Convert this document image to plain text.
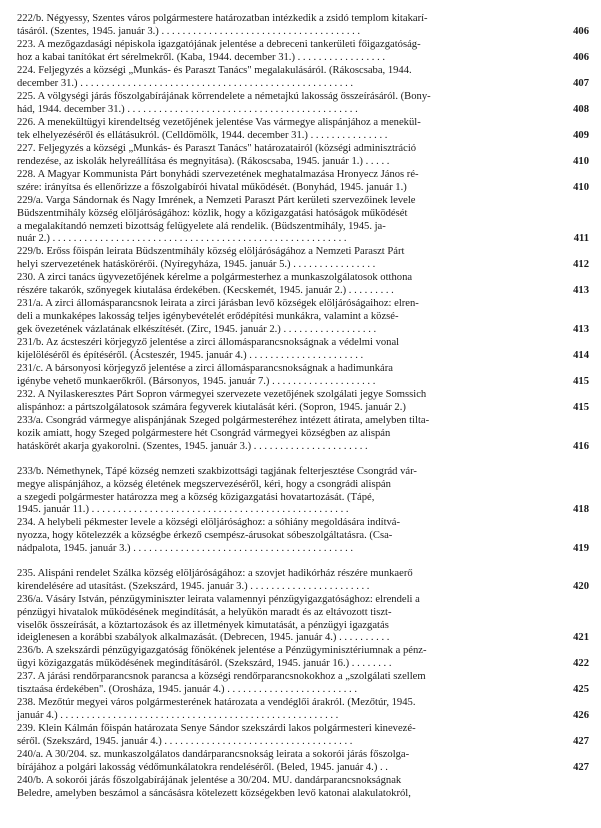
222/b. Négyessy, Szentes város polgármestere határozatban intézkedik a zsidó templom kitakarí-
tásáról. (Szentes, 1945. január 3.) . . . . . . . . . . . . . . . . . . . . . . . . . . . . . . . . . . . . . .	406
223. A mezőgazdasági népiskola igazgatójának jelentése a debreceni tankerületi főigazgatóság-
hoz a kabai tanítókat ért sérelmekről. (Kaba, 1944. december 31.) . . . . . . . . . . . . . . . . .	406
224. Feljegyzés a községi „Munkás- és Paraszt Tanács" megalakulásáról. (Rákoscsaba, 1944.
december 31.) . . . . . . . . . . . . . . . . . . . . . . . . . . . . . . . . . . . . . . . . . . . . . . . . . . . .	407
225. A völgységi járás főszolgabírájának körrendelete a németajkú lakosság összeírásáról. (Bony-
hád, 1944. december 31.) . . . . . . . . . . . . . . . . . . . . . . . . . . . . . . . . . . . . . . . . . . . .	408
226. A menekültügyi kirendeltség vezetőjének jelentése Vas vármegye alispánjához a menekül-
tek elhelyezéséről és ellátásukról. (Celldömölk, 1944. december 31.) . . . . . . . . . . . . . . .	409
227. Feljegyzés a községi „Munkás- és Paraszt Tanács" határozatairól (községi adminisztráció
rendezése, az iskolák helyreállítása és megnyitása). (Rákoscsaba, 1945. január 1.) . . . . .	410
228. A Magyar Kommunista Párt bonyhádi szervezetének meghatalmazása Hronyecz János ré-
szére: irányítsa és ellenőrizze a főszolgabírói hivatal működését. (Bonyhád, 1945. január 1.)	410
229/a. Varga Sándornak és Nagy Imrének, a Nemzeti Paraszt Párt kerületi szervezőinek levele
Büdszentmihály község elöljáróságához: közlik, hogy a kőzigazgatási hatóságok működését
a megalakítandó nemzeti bizottság felügyelete alá rendelik. (Büdszentmihály, 1945. ja-
nuár 2.) . . . . . . . . . . . . . . . . . . . . . . . . . . . . . . . . . . . . . . . . . . . . . . . . . . . . . . . .	411
229/b. Erőss főispán leirata Büdszentmihály község elöljáróságához a Nemzeti Paraszt Párt
helyi szervezetének hatáskörérői. (Nyíregyháza, 1945. január 5.) . . . . . . . . . . . . . . . .	412
230. A zirci tanács ügyvezetőjének kérelme a polgármesterhez a munkaszolgálatosok otthona
részére takarók, szőnyegek kiutalása érdekében. (Kecskemét, 1945. január 2.) . . . . . . . . .	413
231/a. A zirci állomásparancsnok leirata a zirci járásban levő községek elöljáróságaihoz: elren-
deli a munkaképes lakosság teljes igénybevételét erődépítési munkákra, valamint a közsé-
gek övezetének vázlatának elkészítését. (Zirc, 1945. január 2.) . . . . . . . . . . . . . . . . . .	413
231/b. Az ácsteszéri körjegyző jelentése a zirci állomásparancsnokságnak a védelmi vonal
kijelöléséről és építéséről. (Ácsteszér, 1945. január 4.) . . . . . . . . . . . . . . . . . . . . . .	414
231/c. A bársonyosi körjegyző jelentése a zirci állomásparancsnokságnak a hadimunkára
igénybe vehető munkaerőkről. (Bársonyos, 1945. január 7.) . . . . . . . . . . . . . . . . . . . .	415
232. A Nyilaskeresztes Párt Sopron vármegyei szervezete vezetőjének szolgálati jegye Somssich
alispánhoz: a pártszolgálatosok számára fegyverek kiutalását kéri. (Sopron, 1945. január 2.)	415
233/a. Csongrád vármegye alispánjának Szeged polgármesteréhez intézett átirata, amelyben tilta-
kozik amiatt, hogy Szeged polgármestere hét Csongrád vármegyei községben az alispán
hatáskörét akarja gyakorolni. (Szentes, 1945. január 3.) . . . . . . . . . . . . . . . . . . . . . .	416
233/b. Némethynek, Tápé község nemzeti szakbizottsági tagjának felterjesztése Csongrád vár-
megye alispánjához, a község életének megszervezéséről, kéri, hogy a csongrádi alispán
a szegedi polgármester határozza meg a község közigazgatási hovatartozását. (Tápé,
1945. január 11.) . . . . . . . . . . . . . . . . . . . . . . . . . . . . . . . . . . . . . . . . . . . . . . . . .	418
234. A helybeli pékmester levele a községi elöljárósághoz: a sóhiány megoldására indítvá-
nyozza, hogy kötelezzék a községbe érkező csempész-árusokat sóbeszolgáltatásra. (Csa-
nádpalota, 1945. január 3.) . . . . . . . . . . . . . . . . . . . . . . . . . . . . . . . . . . . . . . . . . .	419
235. Alispáni rendelet Szálka község elöljáróságához: a szovjet hadikórház részére munkaerő
kirendelésére ad utasítást. (Szekszárd, 1945. január 3.) . . . . . . . . . . . . . . . . . . . . . . .	420
236/a. Vásáry István, pénzügyminiszter leirata valamennyi pénzügyigazgatósághoz: elrendeli a
pénzügyi hivatalok működésének megindítását, a helyükön maradt és az eltávozott tiszt-
viselők összeírását, a köztartozások és az illetmények kimutatását, a pénzügyi igazgatás
ideiglenesen a korábbi szabályok alkalmazását. (Debrecen, 1945. január 4.) . . . . . . . . . .	421
236/b. A szekszárdi pénzügyigazgatóság főnökének jelentése a Pénzügyminisztériumnak a pénz-
ügyi közigazgatás működésének megindításáról. (Szekszárd, 1945. január 16.) . . . . . . . .	422
237. A járási rendőrparancsnok parancsa a községi rendőrparancsnokokhoz a „szolgálati szellem
tisztaása érdekében". (Orosháza, 1945. január 4.) . . . . . . . . . . . . . . . . . . . . . . . . .	425
238. Mezőtúr megyei város polgármesterének határozata a vendéglői árakról. (Mezőtúr, 1945.
január 4.) . . . . . . . . . . . . . . . . . . . . . . . . . . . . . . . . . . . . . . . . . . . . . . . . . . . . .	426
239. Klein Kálmán főispán határozata Senye Sándor szekszárdi lakos polgármesteri kinevezé-
séről. (Szekszárd, 1945. január 4.) . . . . . . . . . . . . . . . . . . . . . . . . . . . . . . . . . . . .	427
240/a. A 30/204. sz. munkaszolgálatos dandárparancsnokság leirata a sokorói járás főszolga-
bírájához a polgári lakosság védőmunkálatokra rendeléséről. (Beled, 1945. január 4.) . .	427
240/b. A sokorói járás főszolgabírájának jelentése a 30/204. MU. dandárparancsnokságnak
Beledre, amelyben beszámol a sáncásásra kötelezett községekben levő katonai alakulatokról,
